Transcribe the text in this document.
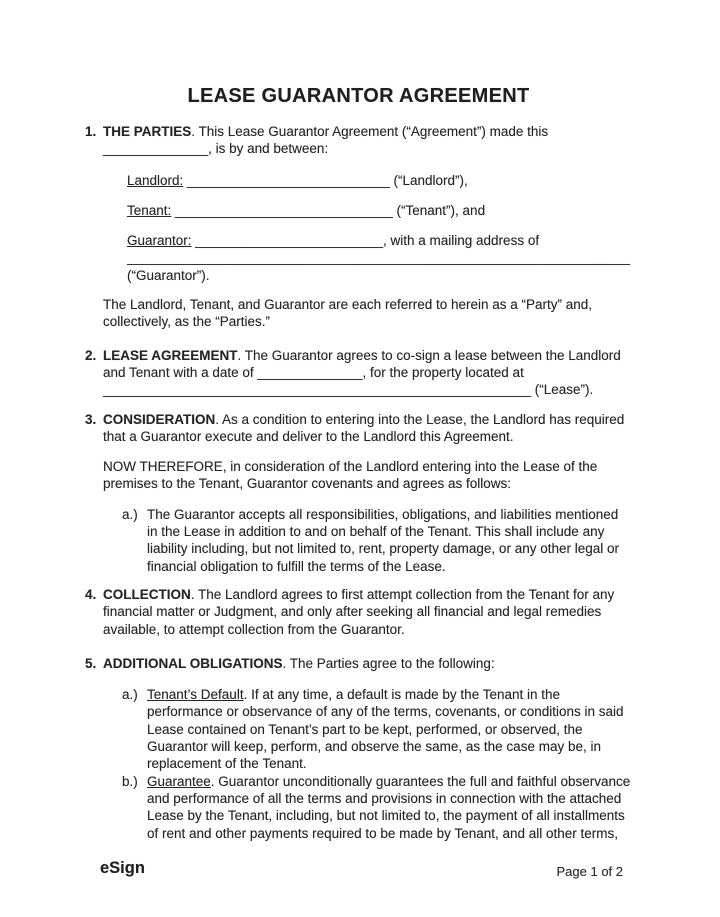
LEASE GUARANTOR AGREEMENT
1. THE PARTIES. This Lease Guarantor Agreement (“Agreement”) made this ______________, is by and between:

Landlord: ___________________________ (“Landlord”),

Tenant: _____________________________ (“Tenant”), and

Guarantor: _________________________, with a mailing address of

___________________________________________________________________

(“Guarantor”).

The Landlord, Tenant, and Guarantor are each referred to herein as a “Party” and, collectively, as the “Parties.”

2. LEASE AGREEMENT. The Guarantor agrees to co-sign a lease between the Landlord and Tenant with a date of ______________, for the property located at _________________________________________________________ (“Lease”).

3. CONSIDERATION. As a condition to entering into the Lease, the Landlord has required that a Guarantor execute and deliver to the Landlord this Agreement.

NOW THEREFORE, in consideration of the Landlord entering into the Lease of the premises to the Tenant, Guarantor covenants and agrees as follows:

a.) The Guarantor accepts all responsibilities, obligations, and liabilities mentioned in the Lease in addition to and on behalf of the Tenant. This shall include any liability including, but not limited to, rent, property damage, or any other legal or financial obligation to fulfill the terms of the Lease.
4. COLLECTION. The Landlord agrees to first attempt collection from the Tenant for any financial matter or Judgment, and only after seeking all financial and legal remedies available, to attempt collection from the Guarantor.

5. ADDITIONAL OBLIGATIONS. The Parties agree to the following:

a.) Tenant’s Default. If at any time, a default is made by the Tenant in the performance or observance of any of the terms, covenants, or conditions in said Lease contained on Tenant’s part to be kept, performed, or observed, the Guarantor will keep, perform, and observe the same, as the case may be, in replacement of the Tenant.
b.) Guarantee. Guarantor unconditionally guarantees the full and faithful observance and performance of all the terms and provisions in connection with the attached Lease by the Tenant, including, but not limited to, the payment of all installments of rent and other payments required to be made by Tenant, and all other terms,
eSign	Page 1 of 2
